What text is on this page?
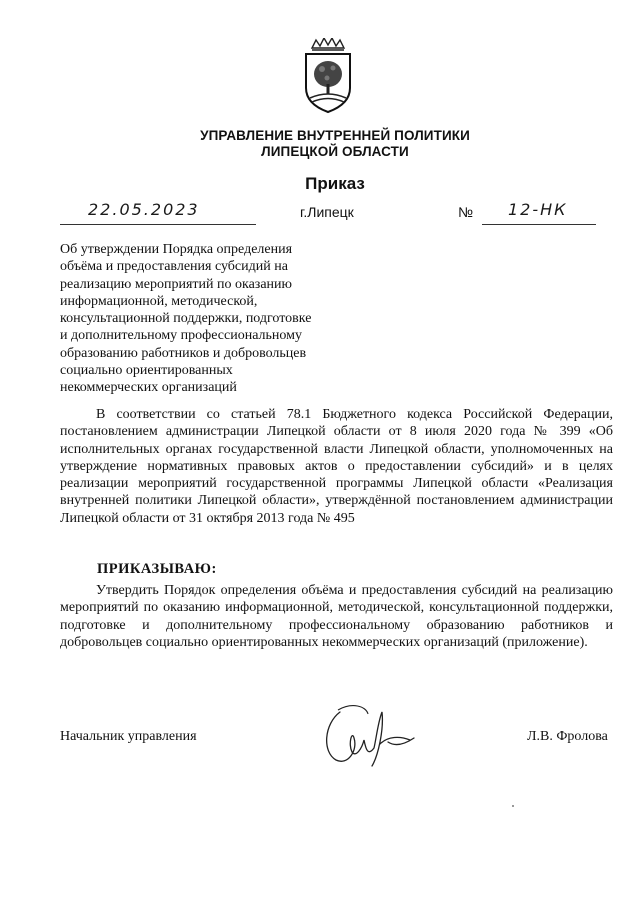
УПРАВЛЕНИЕ ВНУТРЕННЕЙ ПОЛИТИКИ
ЛИПЕЦКОЙ ОБЛАСТИ
Приказ
22.05.2023	г.Липецк	№ 12-НК
Об утверждении Порядка определения
объёма и предоставления субсидий на
реализацию мероприятий по оказанию
информационной, методической,
консультационной поддержки, подготовке
и дополнительному профессиональному
образованию работников и добровольцев
социально ориентированных
некоммерческих организаций
В соответствии со статьей 78.1 Бюджетного кодекса Российской Федерации, постановлением администрации Липецкой области от 8 июля 2020 года № 399 «Об исполнительных органах государственной власти Липецкой области, уполномоченных на утверждение нормативных правовых актов о предоставлении субсидий» и в целях реализации мероприятий государственной программы Липецкой области «Реализация внутренней политики Липецкой области», утверждённой постановлением администрации Липецкой области от 31 октября 2013 года № 495
ПРИКАЗЫВАЮ:
Утвердить Порядок определения объёма и предоставления субсидий на реализацию мероприятий по оказанию информационной, методической, консультационной поддержки, подготовке и дополнительному профессиональному образованию работников и добровольцев социально ориентированных некоммерческих организаций (приложение).
Начальник управления	Л.В. Фролова
